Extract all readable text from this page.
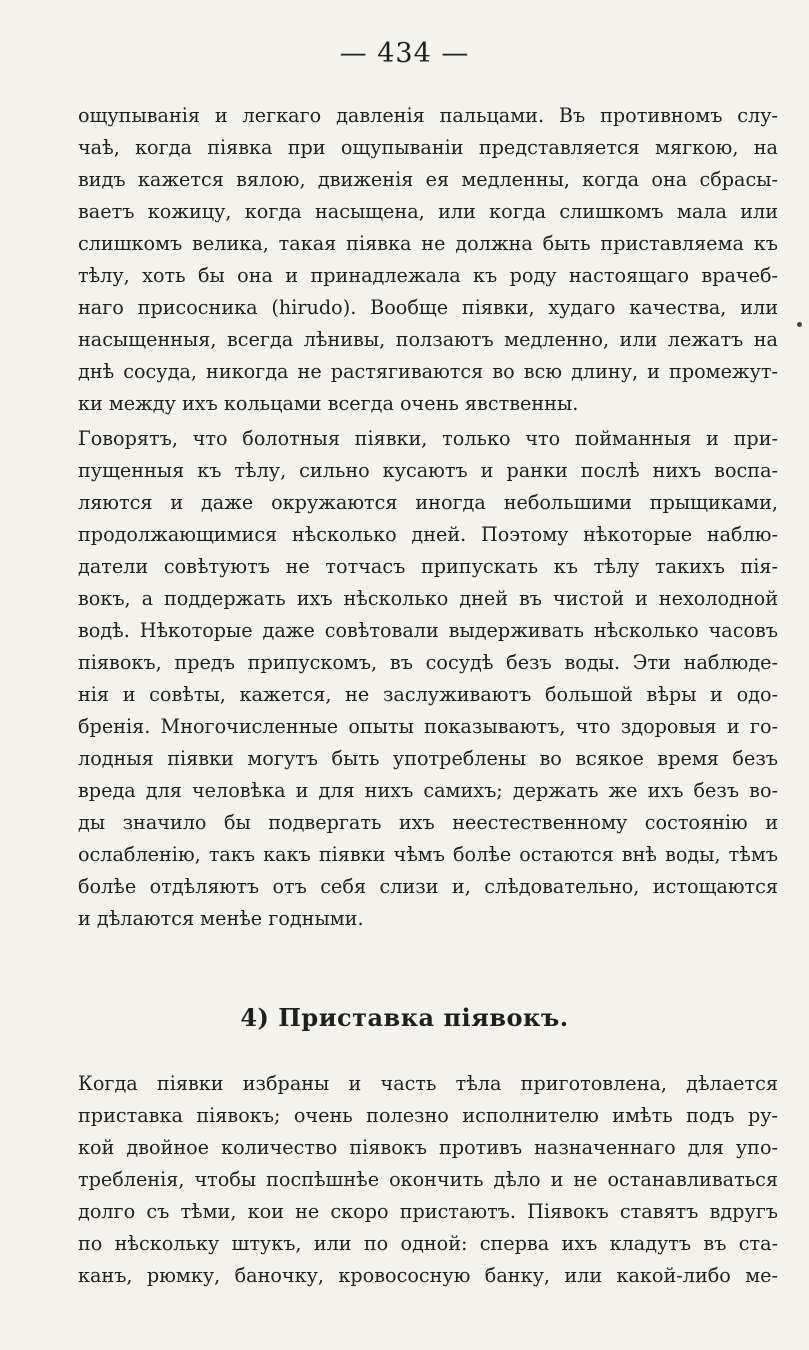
— 434 —
ощупыванія и легкаго давленія пальцами. Въ противномъ слу-
чаѣ, когда піявка при ощупываніи представляется мягкою, на
видъ кажется вялою, движенія ея медленны, когда она сбрасы-
ваетъ кожицу, когда насыщена, или когда слишкомъ мала или
слишкомъ велика, такая піявка не должна быть приставляема къ
тѣлу, хоть бы она и принадлежала къ роду настоящаго врачеб-
наго присосника (hirudo). Вообще піявки, худаго качества, или
насыщенныя, всегда лѣнивы, ползаютъ медленно, или лежатъ на
днѣ сосуда, никогда не растягиваются во всю длину, и промежут-
ки между ихъ кольцами всегда очень явственны.
Говорятъ, что болотныя піявки, только что пойманныя и при-
пущенныя къ тѣлу, сильно кусаютъ и ранки послѣ нихъ воспа-
ляются и даже окружаются иногда небольшими прыщиками,
продолжающимися нѣсколько дней. Поэтому нѣкоторые наблю-
датели совѣтуютъ не тотчасъ припускать къ тѣлу такихъ пія-
вокъ, а поддержать ихъ нѣсколько дней въ чистой и нехолодной
водѣ. Нѣкоторые даже совѣтовали выдерживать нѣсколько часовъ
піявокъ, предъ припускомъ, въ сосудѣ безъ воды. Эти наблюде-
нія и совѣты, кажется, не заслуживаютъ большой вѣры и одо-
бренія. Многочисленные опыты показываютъ, что здоровыя и го-
лодныя піявки могутъ быть употреблены во всякое время безъ
вреда для человѣка и для нихъ самихъ; держать же ихъ безъ во-
ды значило бы подвергать ихъ неестественному состоянію и
ослабленію, такъ какъ піявки чѣмъ болѣе остаются внѣ воды, тѣмъ
болѣе отдѣляютъ отъ себя слизи и, слѣдовательно, истощаются
и дѣлаются менѣе годными.
4) Приставка піявокъ.
Когда піявки избраны и часть тѣла приготовлена, дѣлается
приставка піявокъ; очень полезно исполнителю имѣть подъ ру-
кой двойное количество піявокъ противъ назначеннаго для упо-
требленія, чтобы поспѣшнѣе окончить дѣло и не останавливаться
долго съ тѣми, кои не скоро пристаютъ. Піявокъ ставятъ вдругъ
по нѣскольку штукъ, или по одной: сперва ихъ кладутъ въ ста-
канъ, рюмку, баночку, кровососную банку, или какой-либо ме-
